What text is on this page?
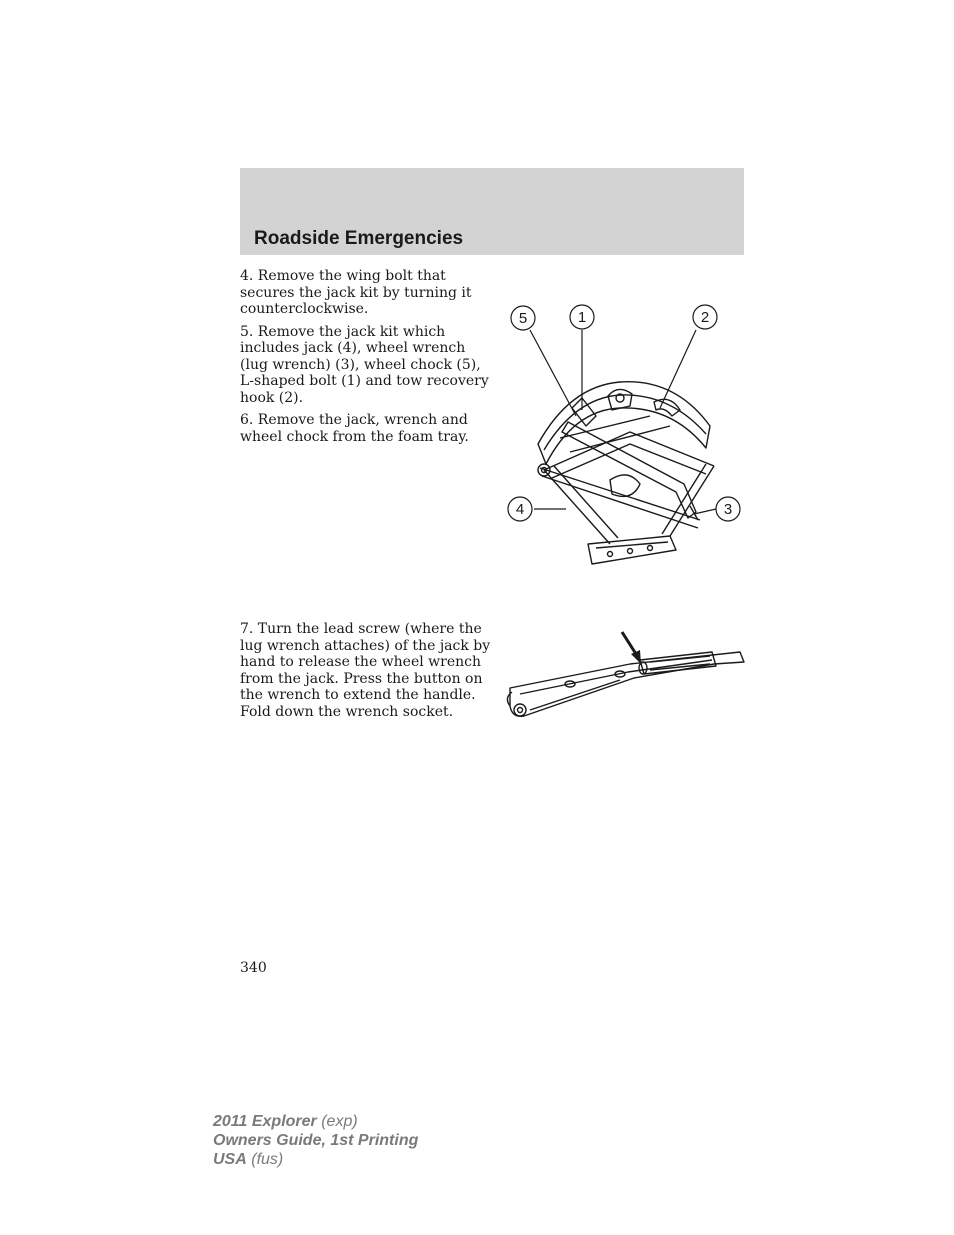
Roadside Emergencies

4. Remove the wing bolt that secures the jack kit by turning it counterclockwise.

5. Remove the jack kit which includes jack (4), wheel wrench (lug wrench) (3), wheel chock (5), L-shaped bolt (1) and tow recovery hook (2).

6. Remove the jack, wrench and wheel chock from the foam tray.

5	1	2
4	3

7. Turn the lead screw (where the lug wrench attaches) of the jack by hand to release the wheel wrench from the jack. Press the button on the wrench to extend the handle. Fold down the wrench socket.

340
2011 Explorer (exp)
Owners Guide, 1st Printing
USA (fus)
